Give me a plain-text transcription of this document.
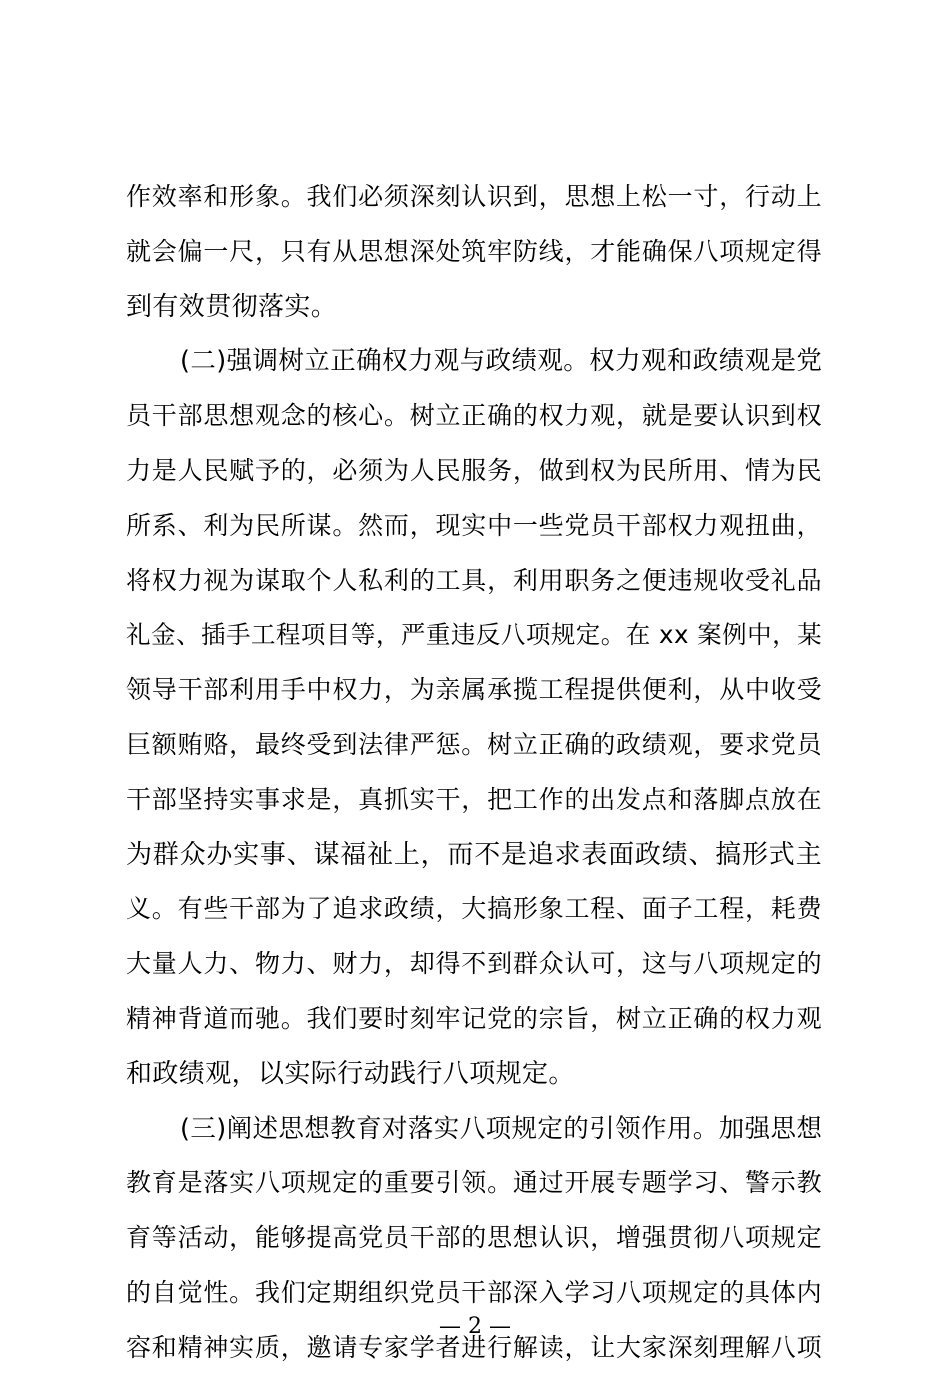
作效率和形象。我们必须深刻认识到，思想上松一寸，行动上
就会偏一尺，只有从思想深处筑牢防线，才能确保八项规定得
到有效贯彻落实。
(二)强调树立正确权力观与政绩观。权力观和政绩观是党
员干部思想观念的核心。树立正确的权力观，就是要认识到权
力是人民赋予的，必须为人民服务，做到权为民所用、情为民
所系、利为民所谋。然而，现实中一些党员干部权力观扭曲，
将权力视为谋取个人私利的工具，利用职务之便违规收受礼品
礼金、插手工程项目等，严重违反八项规定。在 xx 案例中，某
领导干部利用手中权力，为亲属承揽工程提供便利，从中收受
巨额贿赂，最终受到法律严惩。树立正确的政绩观，要求党员
干部坚持实事求是，真抓实干，把工作的出发点和落脚点放在
为群众办实事、谋福祉上，而不是追求表面政绩、搞形式主
义。有些干部为了追求政绩，大搞形象工程、面子工程，耗费
大量人力、物力、财力，却得不到群众认可，这与八项规定的
精神背道而驰。我们要时刻牢记党的宗旨，树立正确的权力观
和政绩观，以实际行动践行八项规定。
(三)阐述思想教育对落实八项规定的引领作用。加强思想
教育是落实八项规定的重要引领。通过开展专题学习、警示教
育等活动，能够提高党员干部的思想认识，增强贯彻八项规定
的自觉性。我们定期组织党员干部深入学习八项规定的具体内
容和精神实质，邀请专家学者进行解读，让大家深刻理解八项
— 2 —
